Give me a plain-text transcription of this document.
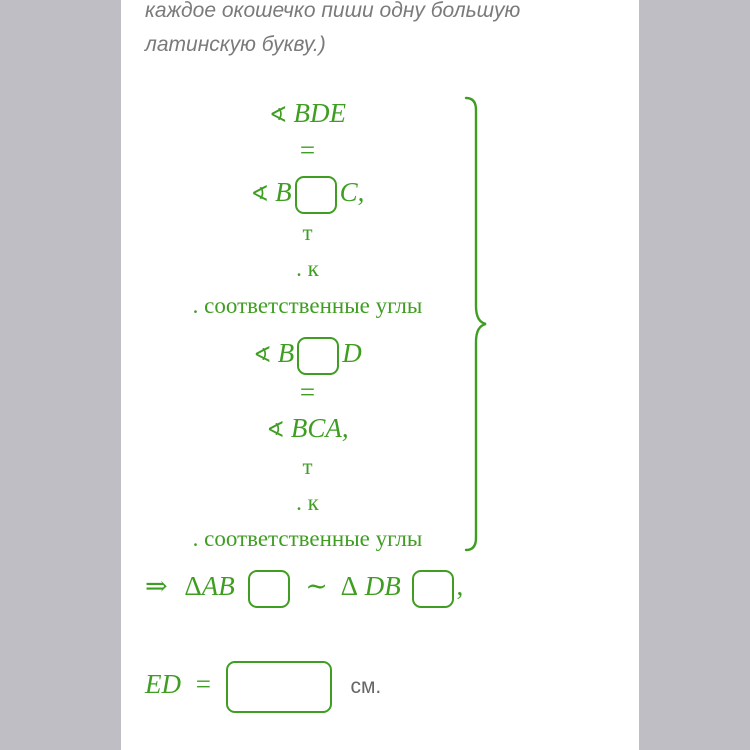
каждое окошечко пиши одну большую
латинскую букву.)
∢ BDE
=
∢ B C,
т
. к
. соответственные углы
∢ B D
=
∢ BCA,
т
. к
. соответственные углы
⇒ ΔAB	∼ Δ DB ,
ED =	см.
